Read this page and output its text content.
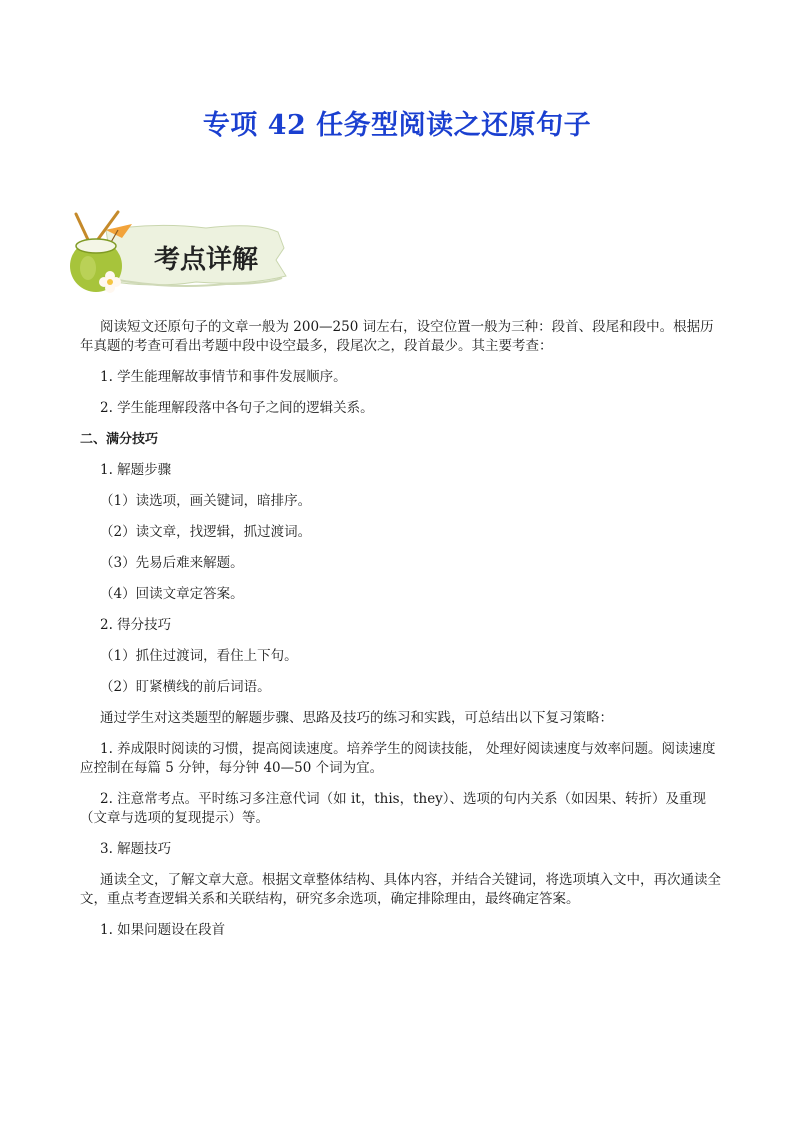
专项 42 任务型阅读之还原句子
考点详解

阅读短文还原句子的文章一般为 200—250 词左右，设空位置一般为三种：段首、段尾和段中。根据历年真题的考查可看出考题中段中设空最多，段尾次之，段首最少。其主要考查：

1. 学生能理解故事情节和事件发展顺序。

2. 学生能理解段落中各句子之间的逻辑关系。

二、满分技巧

1. 解题步骤

（1）读选项，画关键词，暗排序。

（2）读文章，找逻辑，抓过渡词。

（3）先易后难来解题。

（4）回读文章定答案。

2. 得分技巧

（1）抓住过渡词，看住上下句。

（2）盯紧横线的前后词语。

通过学生对这类题型的解题步骤、思路及技巧的练习和实践，可总结出以下复习策略：

1. 养成限时阅读的习惯，提高阅读速度。培养学生的阅读技能， 处理好阅读速度与效率问题。阅读速度应控制在每篇 5 分钟，每分钟 40—50 个词为宜。

2. 注意常考点。平时练习多注意代词（如 it，this，they）、选项的句内关系（如因果、转折）及重现（文章与选项的复现提示）等。

3. 解题技巧

通读全文，了解文章大意。根据文章整体结构、具体内容，并结合关键词，将选项填入文中，再次通读全文，重点考查逻辑关系和关联结构，研究多余选项，确定排除理由，最终确定答案。

1. 如果问题设在段首
